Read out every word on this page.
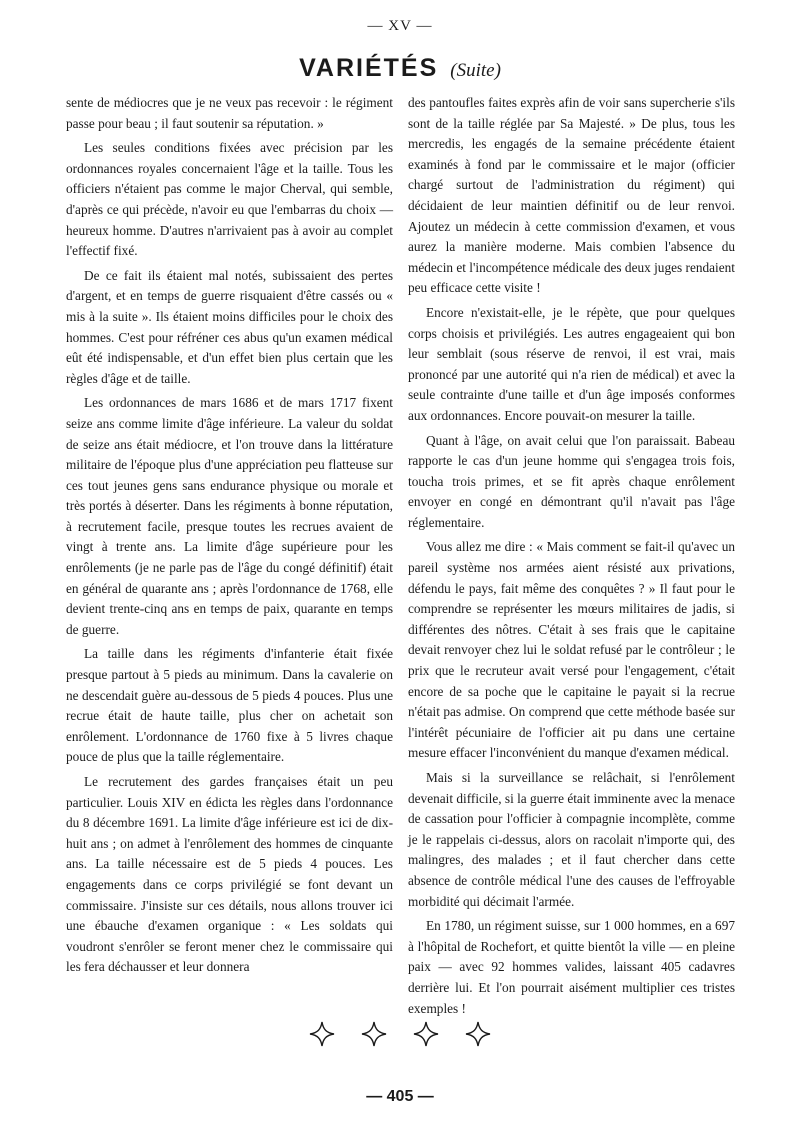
— XV —
VARIÉTÉS (Suite)

sente de médiocres que je ne veux pas recevoir : le régiment passe pour beau ; il faut soutenir sa réputation. »

Les seules conditions fixées avec précision par les ordonnances royales concernaient l'âge et la taille. Tous les officiers n'étaient pas comme le major Cherval, qui semble, d'après ce qui précède, n'avoir eu que l'embarras du choix — heureux homme. D'autres n'arrivaient pas à avoir au complet l'effectif fixé.

De ce fait ils étaient mal notés, subissaient des pertes d'argent, et en temps de guerre risquaient d'être cassés ou « mis à la suite ». Ils étaient moins difficiles pour le choix des hommes. C'est pour réfréner ces abus qu'un examen médical eût été indispensable, et d'un effet bien plus certain que les règles d'âge et de taille.

Les ordonnances de mars 1686 et de mars 1717 fixent seize ans comme limite d'âge inférieure. La valeur du soldat de seize ans était médiocre, et l'on trouve dans la littérature militaire de l'époque plus d'une appréciation peu flatteuse sur ces tout jeunes gens sans endurance physique ou morale et très portés à déserter. Dans les régiments à bonne réputation, à recrutement facile, presque toutes les recrues avaient de vingt à trente ans. La limite d'âge supérieure pour les enrôlements (je ne parle pas de l'âge du congé définitif) était en général de quarante ans ; après l'ordonnance de 1768, elle devient trente-cinq ans en temps de paix, quarante en temps de guerre.

La taille dans les régiments d'infanterie était fixée presque partout à 5 pieds au minimum. Dans la cavalerie on ne descendait guère au-dessous de 5 pieds 4 pouces. Plus une recrue était de haute taille, plus cher on achetait son enrôlement. L'ordonnance de 1760 fixe à 5 livres chaque pouce de plus que la taille réglementaire.

Le recrutement des gardes françaises était un peu particulier. Louis XIV en édicta les règles dans l'ordonnance du 8 décembre 1691. La limite d'âge inférieure est ici de dix-huit ans ; on admet à l'enrôlement des hommes de cinquante ans. La taille nécessaire est de 5 pieds 4 pouces. Les engagements dans ce corps privilégié se font devant un commissaire. J'insiste sur ces détails, nous allons trouver ici une ébauche d'examen organique : « Les soldats qui voudront s'enrôler se feront mener chez le commissaire qui les fera déchausser et leur donnera

des pantoufles faites exprès afin de voir sans supercherie s'ils sont de la taille réglée par Sa Majesté. » De plus, tous les mercredis, les engagés de la semaine précédente étaient examinés à fond par le commissaire et le major (officier chargé surtout de l'administration du régiment) qui décidaient de leur maintien définitif ou de leur renvoi. Ajoutez un médecin à cette commission d'examen, et vous aurez la manière moderne. Mais combien l'absence du médecin et l'incompétence médicale des deux juges rendaient peu efficace cette visite !

Encore n'existait-elle, je le répète, que pour quelques corps choisis et privilégiés. Les autres engageaient qui bon leur semblait (sous réserve de renvoi, il est vrai, mais prononcé par une autorité qui n'a rien de médical) et avec la seule contrainte d'une taille et d'un âge imposés conformes aux ordonnances. Encore pouvait-on mesurer la taille.

Quant à l'âge, on avait celui que l'on paraissait. Babeau rapporte le cas d'un jeune homme qui s'engagea trois fois, toucha trois primes, et se fit après chaque enrôlement envoyer en congé en démontrant qu'il n'avait pas l'âge réglementaire.

Vous allez me dire : « Mais comment se fait-il qu'avec un pareil système nos armées aient résisté aux privations, défendu le pays, fait même des conquêtes ? » Il faut pour le comprendre se représenter les mœurs militaires de jadis, si différentes des nôtres. C'était à ses frais que le capitaine devait renvoyer chez lui le soldat refusé par le contrôleur ; le prix que le recruteur avait versé pour l'engagement, c'était encore de sa poche que le capitaine le payait si la recrue n'était pas admise. On comprend que cette méthode basée sur l'intérêt pécuniaire de l'officier ait pu dans une certaine mesure effacer l'inconvénient du manque d'examen médical.

Mais si la surveillance se relâchait, si l'enrôlement devenait difficile, si la guerre était imminente avec la menace de cassation pour l'officier à compagnie incomplète, comme je le rappelais ci-dessus, alors on racolait n'importe qui, des malingres, des malades ; et il faut chercher dans cette absence de contrôle médical l'une des causes de l'effroyable morbidité qui décimait l'armée.

En 1780, un régiment suisse, sur 1 000 hommes, en a 697 à l'hôpital de Rochefort, et quitte bientôt la ville — en pleine paix — avec 92 hommes valides, laissant 405 cadavres derrière lui. Et l'on pourrait aisément multiplier ces tristes exemples !

— 405 —
